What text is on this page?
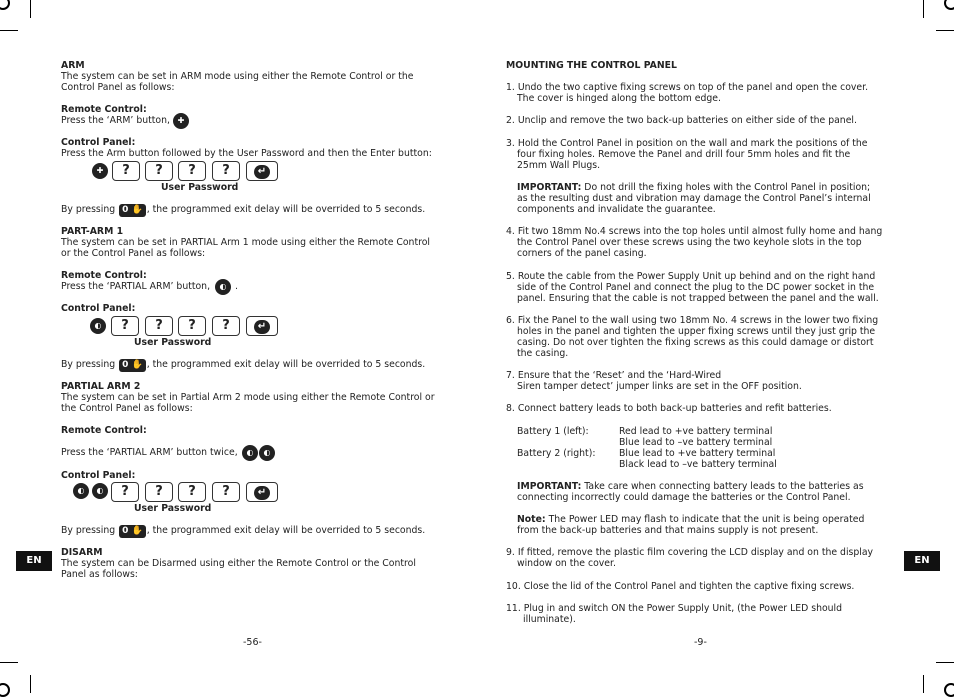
ARM
The system can be set in ARM mode using either the Remote Control or the
Control Panel as follows:
Remote Control:
Press the ‘ARM’ button, ✚
Control Panel:
Press the Arm button followed by the User Password and then the Enter button:
✚	?	?	?	?	↵
User Password
By pressing 0 ✋ , the programmed exit delay will be overrided to 5 seconds.
PART-ARM 1
The system can be set in PARTIAL Arm 1 mode using either the Remote Control
or the Control Panel as follows:
Remote Control:
Press the ‘PARTIAL ARM’ button,	◐ .
Control Panel:
◐	?	?	?	?	↵
User Password
By pressing 0 ✋ , the programmed exit delay will be overrided to 5 seconds.
PARTIAL ARM 2
The system can be set in Partial Arm 2 mode using either the Remote Control or
the Control Panel as follows:
Remote Control:
Press the ‘PARTIAL ARM’ button twice,	◐	◐
Control Panel:
◐	◐	?	?	?	?	↵
User Password
By pressing 0 ✋ , the programmed exit delay will be overrided to 5 seconds.
DISARM
The system can be Disarmed using either the Remote Control or the Control
Panel as follows:
EN
-56-
MOUNTING THE CONTROL PANEL
1. Undo the two captive fixing screws on top of the panel and open the cover.
The cover is hinged along the bottom edge.
2. Unclip and remove the two back-up batteries on either side of the panel.
3. Hold the Control Panel in position on the wall and mark the positions of the
four fixing holes. Remove the Panel and drill four 5mm holes and fit the
25mm Wall Plugs.
IMPORTANT: Do not drill the fixing holes with the Control Panel in position;
as the resulting dust and vibration may damage the Control Panel’s internal
components and invalidate the guarantee.
4. Fit two 18mm No.4 screws into the top holes until almost fully home and hang
the Control Panel over these screws using the two keyhole slots in the top
corners of the panel casing.
5. Route the cable from the Power Supply Unit up behind and on the right hand
side of the Control Panel and connect the plug to the DC power socket in the
panel. Ensuring that the cable is not trapped between the panel and the wall.
6. Fix the Panel to the wall using two 18mm No. 4 screws in the lower two fixing
holes in the panel and tighten the upper fixing screws until they just grip the
casing. Do not over tighten the fixing screws as this could damage or distort
the casing.
7. Ensure that the ‘Reset’ and the ‘Hard-Wired
Siren tamper detect’ jumper links are set in the OFF position.
8. Connect battery leads to both back-up batteries and refit batteries.
Battery 1 (left):	Red lead to +ve battery terminal
Blue lead to –ve battery terminal
Battery 2 (right):	Blue lead to +ve battery terminal
Black lead to –ve battery terminal
IMPORTANT: Take care when connecting battery leads to the batteries as
connecting incorrectly could damage the batteries or the Control Panel.
Note: The Power LED may flash to indicate that the unit is being operated
from the back-up batteries and that mains supply is not present.
9. If fitted, remove the plastic film covering the LCD display and on the display
window on the cover.
10. Close the lid of the Control Panel and tighten the captive fixing screws.
11. Plug in and switch ON the Power Supply Unit, (the Power LED should
illuminate).
EN
-9-
